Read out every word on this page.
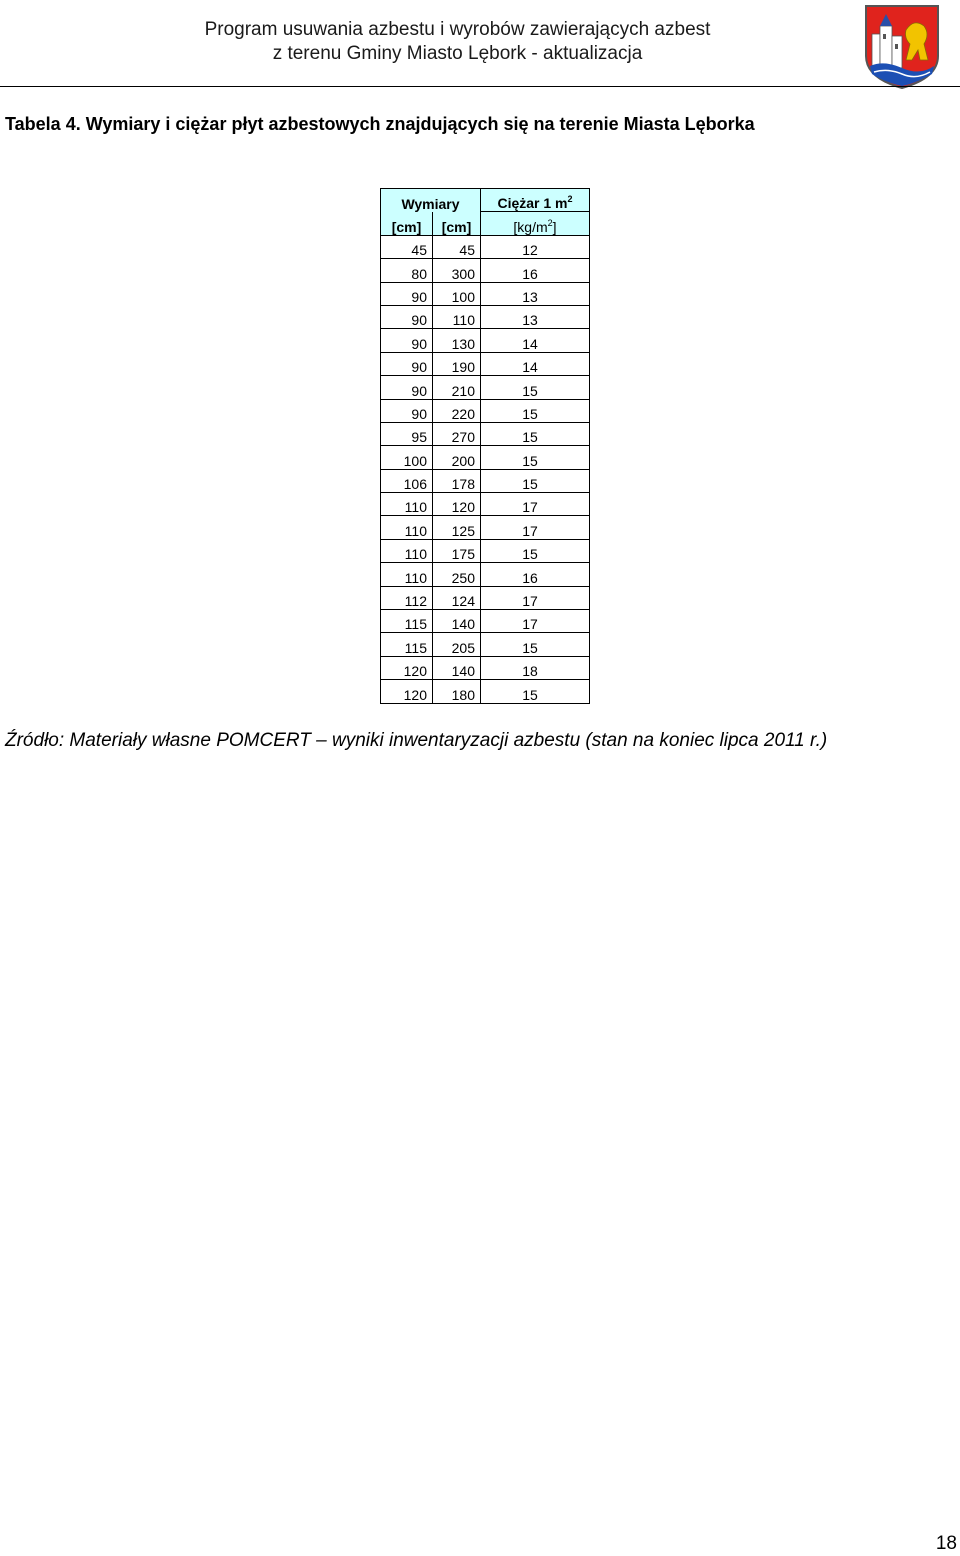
Program usuwania azbestu i wyrobów zawierających azbest
z terenu Gminy Miasto Lębork - aktualizacja
Tabela 4. Wymiary i ciężar płyt azbestowych znajdujących się na terenie Miasta Lęborka
Wymiary		Ciężar 1 $m^2$
[cm]	[cm]	$[kg/m^2]$
45	45	12
80	300	16
90	100	13
90	110	13
90	130	14
90	190	14
90	210	15
90	220	15
95	270	15
100	200	15
106	178	15
110	120	17
110	125	17
110	175	15
110	250	16
112	124	17
115	140	17
115	205	15
120	140	18
120	180	15
Źródło: Materiały własne POMCERT – wyniki inwentaryzacji azbestu (stan na koniec lipca 2011 r.)
18
